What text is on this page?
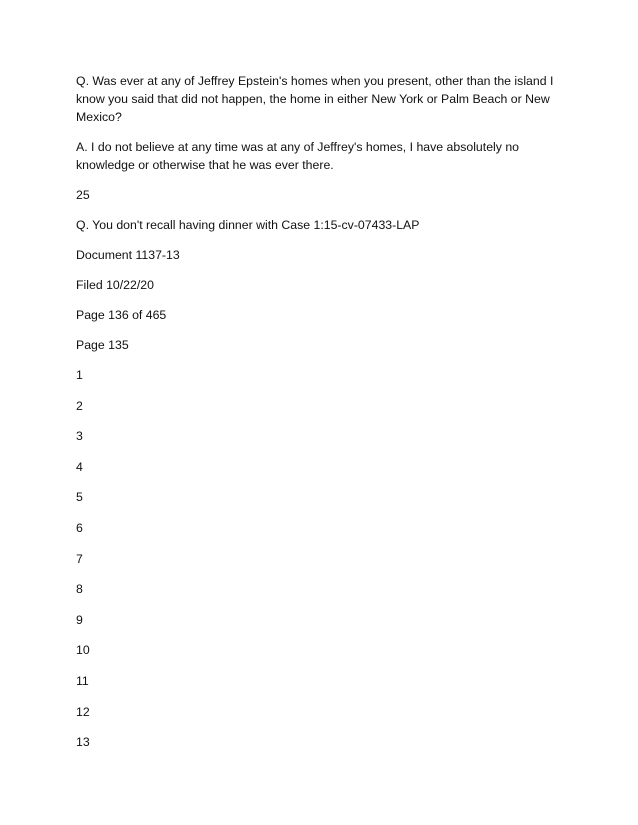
Q. Was ever at any of Jeffrey Epstein's homes when you present, other than the island I know you said that did not happen, the home in either New York or Palm Beach or New Mexico?

A. I do not believe at any time was at any of Jeffrey's homes, I have absolutely no knowledge or otherwise that he was ever there.

25

Q. You don't recall having dinner with Case 1:15-cv-07433-LAP

Document 1137-13

Filed 10/22/20

Page 136 of 465

Page 135

1
2
3
4
5
6
7
8
9
10
11
12
13
